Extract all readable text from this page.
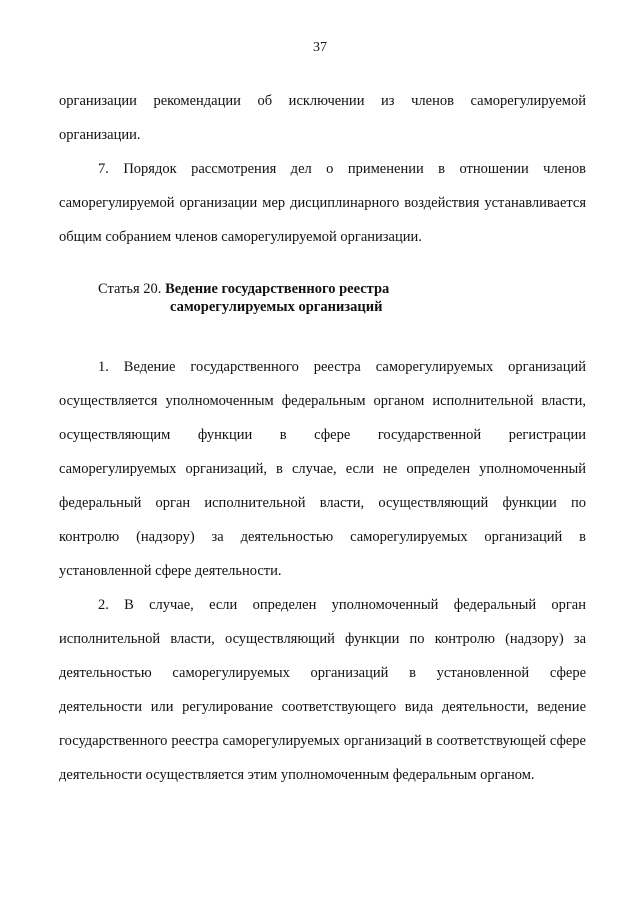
37

организации рекомендации об исключении из членов саморегулируемой организации.

7. Порядок рассмотрения дел о применении в отношении членов саморегулируемой организации мер дисциплинарного воздействия устанавливается общим собранием членов саморегулируемой организации.

Статья 20. Ведение государственного реестра
саморегулируемых организаций

1. Ведение государственного реестра саморегулируемых организаций осуществляется уполномоченным федеральным органом исполнительной власти, осуществляющим функции в сфере государственной регистрации саморегулируемых организаций, в случае, если не определен уполномоченный федеральный орган исполнительной власти, осуществляющий функции по контролю (надзору) за деятельностью саморегулируемых организаций в установленной сфере деятельности.

2. В случае, если определен уполномоченный федеральный орган исполнительной власти, осуществляющий функции по контролю (надзору) за деятельностью саморегулируемых организаций в установленной сфере деятельности или регулирование соответствующего вида деятельности, ведение государственного реестра саморегулируемых организаций в соответствующей сфере деятельности осуществляется этим уполномоченным федеральным органом.
